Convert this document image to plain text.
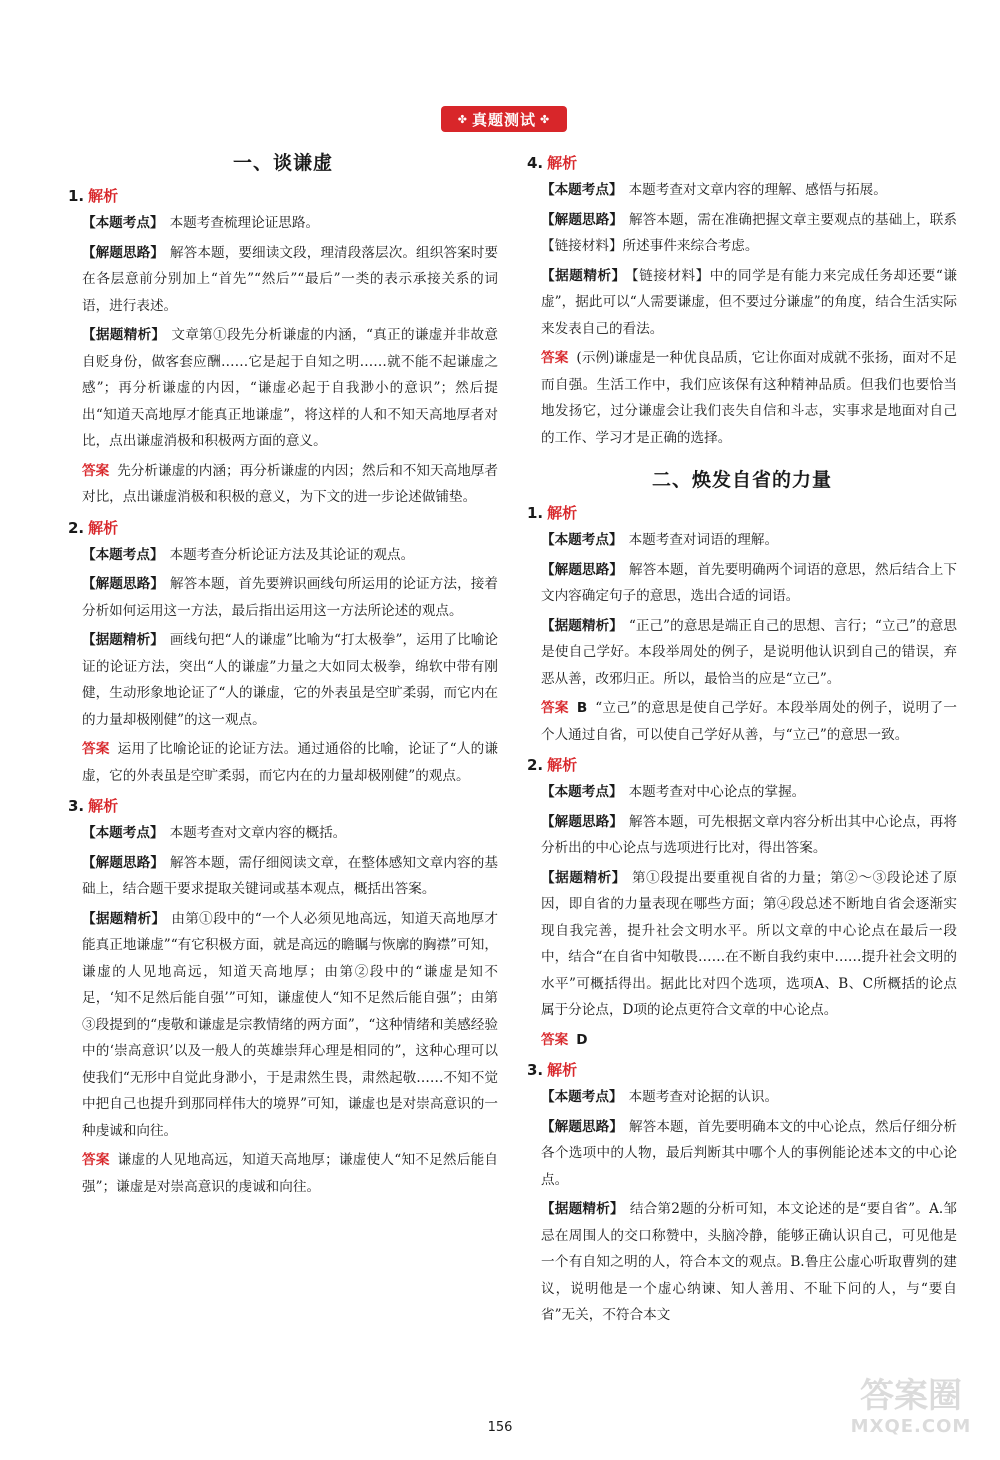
✤ 真题测试 ✤
一、谈谦虚
1. 解析

【本题考点】 本题考查梳理论证思路。

【解题思路】 解答本题，要细读文段，理清段落层次。组织答案时要在各层意前分别加上“首先”“然后”“最后”一类的表示承接关系的词语，进行表述。

【据题精析】 文章第①段先分析谦虚的内涵，“真正的谦虚并非故意自贬身份，做客套应酬……它是起于自知之明……就不能不起谦虚之感”；再分析谦虚的内因，“谦虚必起于自我渺小的意识”；然后提出“知道天高地厚才能真正地谦虚”，将这样的人和不知天高地厚者对比，点出谦虚消极和积极两方面的意义。

答案 先分析谦虚的内涵；再分析谦虚的内因；然后和不知天高地厚者对比，点出谦虚消极和积极的意义，为下文的进一步论述做铺垫。

2. 解析

【本题考点】 本题考查分析论证方法及其论证的观点。

【解题思路】 解答本题，首先要辨识画线句所运用的论证方法，接着分析如何运用这一方法，最后指出运用这一方法所论述的观点。

【据题精析】 画线句把“人的谦虚”比喻为“打太极拳”，运用了比喻论证的论证方法，突出“人的谦虚”力量之大如同太极拳，绵软中带有刚健，生动形象地论证了“人的谦虚，它的外表虽是空旷柔弱，而它内在的力量却极刚健”的这一观点。

答案 运用了比喻论证的论证方法。通过通俗的比喻，论证了“人的谦虚，它的外表虽是空旷柔弱，而它内在的力量却极刚健”的观点。

3. 解析

【本题考点】 本题考查对文章内容的概括。

【解题思路】 解答本题，需仔细阅读文章，在整体感知文章内容的基础上，结合题干要求提取关键词或基本观点，概括出答案。

【据题精析】 由第①段中的“一个人必须见地高远，知道天高地厚才能真正地谦虚”“有它积极方面，就是高远的瞻瞩与恢廓的胸襟”可知，谦虚的人见地高远，知道天高地厚；由第②段中的“谦虚是知不足，‘知不足然后能自强’”可知，谦虚使人“知不足然后能自强”；由第③段提到的“虔敬和谦虚是宗教情绪的两方面”，“这种情绪和美感经验中的‘崇高意识’以及一般人的英雄崇拜心理是相同的”，这种心理可以使我们“无形中自觉此身渺小，于是肃然生畏，肃然起敬……不知不觉中把自己也提升到那同样伟大的境界”可知，谦虚也是对崇高意识的一种虔诚和向往。

答案 谦虚的人见地高远，知道天高地厚；谦虚使人“知不足然后能自强”；谦虚是对崇高意识的虔诚和向往。

4. 解析

【本题考点】 本题考查对文章内容的理解、感悟与拓展。

【解题思路】 解答本题，需在准确把握文章主要观点的基础上，联系【链接材料】所述事件来综合考虑。

【据题精析】 【链接材料】中的同学是有能力来完成任务却还要“谦虚”，据此可以“人需要谦虚，但不要过分谦虚”的角度，结合生活实际来发表自己的看法。

答案 (示例)谦虚是一种优良品质，它让你面对成就不张扬，面对不足而自强。生活工作中，我们应该保有这种精神品质。但我们也要恰当地发扬它，过分谦虚会让我们丧失自信和斗志，实事求是地面对自己的工作、学习才是正确的选择。

二、焕发自省的力量
1. 解析

【本题考点】 本题考查对词语的理解。

【解题思路】 解答本题，首先要明确两个词语的意思，然后结合上下文内容确定句子的意思，选出合适的词语。

【据题精析】 “正己”的意思是端正自己的思想、言行；“立己”的意思是使自己学好。本段举周处的例子，是说明他认识到自己的错误，弃恶从善，改邪归正。所以，最恰当的应是“立己”。

答案 B “立己”的意思是使自己学好。本段举周处的例子，说明了一个人通过自省，可以使自己学好从善，与“立己”的意思一致。

2. 解析

【本题考点】 本题考查对中心论点的掌握。

【解题思路】 解答本题，可先根据文章内容分析出其中心论点，再将分析出的中心论点与选项进行比对，得出答案。

【据题精析】 第①段提出要重视自省的力量；第②～③段论述了原因，即自省的力量表现在哪些方面；第④段总述不断地自省会逐渐实现自我完善，提升社会文明水平。所以文章的中心论点在最后一段中，结合“在自省中知敬畏……在不断自我约束中……提升社会文明的水平”可概括得出。据此比对四个选项，选项A、B、C所概括的论点属于分论点，D项的论点更符合文章的中心论点。

答案 D

3. 解析

【本题考点】 本题考查对论据的认识。

【解题思路】 解答本题，首先要明确本文的中心论点，然后仔细分析各个选项中的人物，最后判断其中哪个人的事例能论述本文的中心论点。

【据题精析】 结合第2题的分析可知，本文论述的是“要自省”。A.邹忌在周围人的交口称赞中，头脑冷静，能够正确认识自己，可见他是一个有自知之明的人，符合本文的观点。B.鲁庄公虚心听取曹刿的建议，说明他是一个虚心纳谏、知人善用、不耻下问的人，与“要自省”无关，不符合本文

156
答案圈
MXQE.COM
